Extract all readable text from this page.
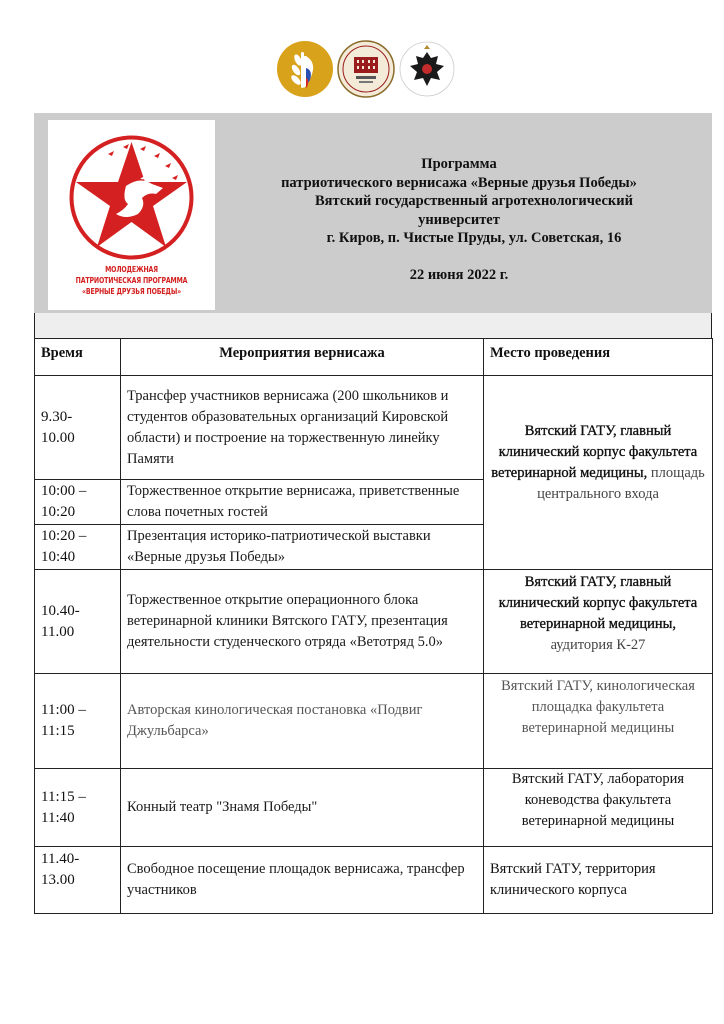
МОЛОДЕЖНАЯ
ПАТРИОТИЧЕСКАЯ ПРОГРАММА
«ВЕРНЫЕ ДРУЗЬЯ ПОБЕДЫ»
Программа
патриотического вернисажа «Верные друзья Победы»
Вятский государственный агротехнологический
университет
г. Киров, п. Чистые Пруды, ул. Советская, 16
22 июня 2022 г.
Время	Мероприятия вернисажа	Место проведения
9.30-
10.00	Трансфер участников вернисажа (200 школьников и студентов образовательных организаций Кировской области) и построение на торжественную линейку Памяти	Вятский ГАТУ, главный клинический корпус факультета ветеринарной медицины, площадь центрального входа
10:00 –
10:20	Торжественное открытие вернисажа, приветственные слова почетных гостей	
10:20 –
10:40	Презентация историко-патриотической выставки «Верные друзья Победы»	
10.40-
11.00	Торжественное открытие операционного блока ветеринарной клиники Вятского ГАТУ, презентация деятельности студенческого отряда «Ветотряд 5.0»	Вятский ГАТУ, главный клинический корпус факультета ветеринарной медицины, аудитория К-27
11:00 –
11:15	Авторская кинологическая постановка «Подвиг Джульбарса»	Вятский ГАТУ, кинологическая площадка факультета ветеринарной медицины
11:15 –
11:40	Конный театр "Знамя Победы"	Вятский ГАТУ, лаборатория коневодства факультета ветеринарной медицины
11.40-
13.00	Свободное посещение площадок вернисажа, трансфер участников	Вятский ГАТУ, территория клинического корпуса
